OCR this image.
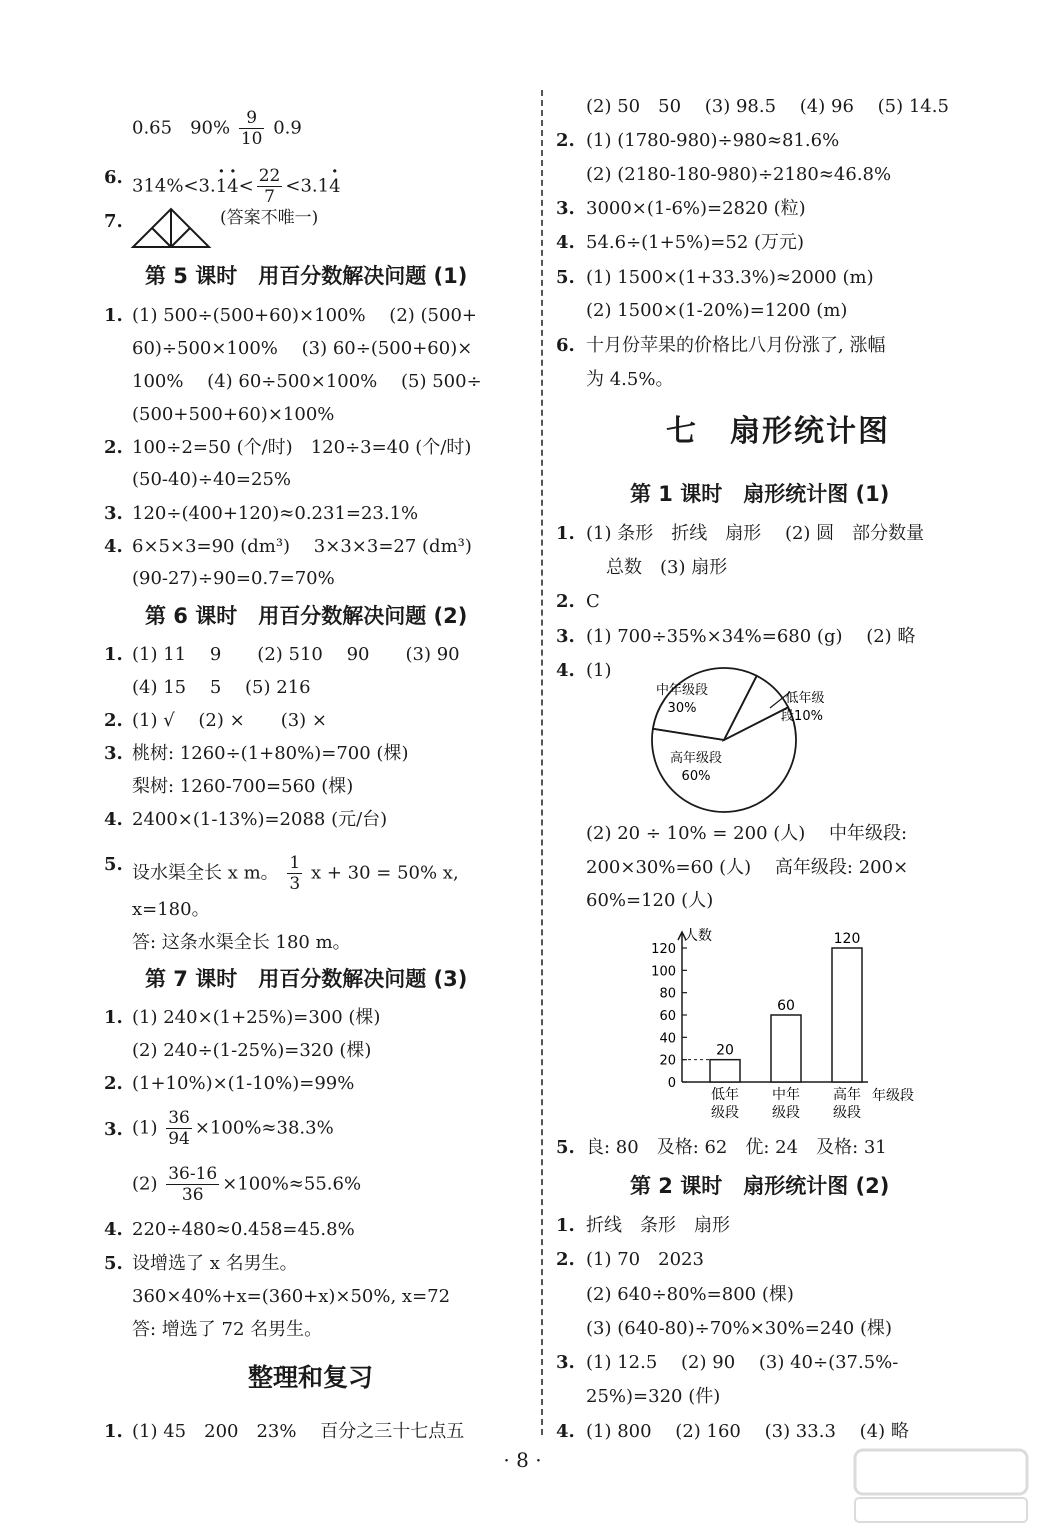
0.65　$90\% \frac{9}{10} 0.9$
6. $314\%<3.\cdot 1\cdot 4< \frac{22}{7} <3.1\cdot 4$
7.	(答案不唯一)
第 5 课时　用百分数解决问题 (1)
1. (1) 500÷(500+60)×100%　 (2) (500+
60)÷500×100%　 (3) 60÷(500+60)×
100%　 (4) 60÷500×100%　 (5) 500÷
(500+500+60)×100%
2. 100÷2=50 (个/时)　120÷3=40 (个/时)
(50-40)÷40=25%
3. 120÷(400+120)≈0.231=23.1%
4. 6×5×3=90 (dm³)　 3×3×3=27 (dm³)
(90-27)÷90=0.7=70%
第 6 课时　用百分数解决问题 (2)
1. (1) 11　 9　　(2) 510　 90　　(3) 90
(4) 15　 5　 (5) 216
2. (1) √　 (2) ×　　(3) ×
3. 桃树: 1260÷(1+80%)=700 (棵)
梨树: 1260-700=560 (棵)
4. 2400×(1-13%)=2088 (元/台)
5. 设水渠全长 x m。 $\frac{1}{3}$ x + 30 = 50% x,
x=180。
答: 这条水渠全长 180 m。
第 7 课时　用百分数解决问题 (3)
1. (1) 240×(1+25%)=300 (棵)
(2) 240÷(1-25%)=320 (棵)
2. (1+10%)×(1-10%)=99%
3. $(1) \frac{36}{94} \times 100\%\approx 38.3\%$
$(2) \frac{36-16}{36} \times 100\%\approx 55.6\%$
4. 220÷480≈0.458=45.8%
5. 设增选了 x 名男生。
360×40%+x=(360+x)×50%, x=72
答: 增选了 72 名男生。
整理和复习
1. (1) 45　200　23%　 百分之三十七点五
(2) 50　50　 (3) 98.5　 (4) 96　 (5) 14.5
2. (1) (1780-980)÷980≈81.6%
(2) (2180-180-980)÷2180≈46.8%
3. 3000×(1-6%)=2820 (粒)
4. 54.6÷(1+5%)=52 (万元)
5. (1) 1500×(1+33.3%)≈2000 (m)
(2) 1500×(1-20%)=1200 (m)
6. 十月份苹果的价格比八月份涨了, 涨幅
为 4.5%。
七　扇形统计图
第 1 课时　扇形统计图 (1)
1. (1) 条形　折线　扇形　 (2) 圆　部分数量
总数　(3) 扇形
2. C
3. (1) 700÷35%×34%=680 (g)　 (2) 略
4. (1)
中年级段
30%
低年级
段10%
高年级段
60%
(2) 20 ÷ 10% = 200 (人)　 中年级段:
200×30%=60 (人)　 高年级段: 200×
60%=120 (人)
0
20
40
60
80
100
120
20
低年
级段
60
中年
级段
120
高年
级段
人数
年级段
5. 良: 80　及格: 62　优: 24　及格: 31
第 2 课时　扇形统计图 (2)
1. 折线　条形　扇形
2. (1) 70　2023
(2) 640÷80%=800 (棵)
(3) (640-80)÷70%×30%=240 (棵)
3. (1) 12.5　 (2) 90　 (3) 40÷(37.5%-
25%)=320 (件)
4. (1) 800　 (2) 160　 (3) 33.3　 (4) 略
· 8 ·
